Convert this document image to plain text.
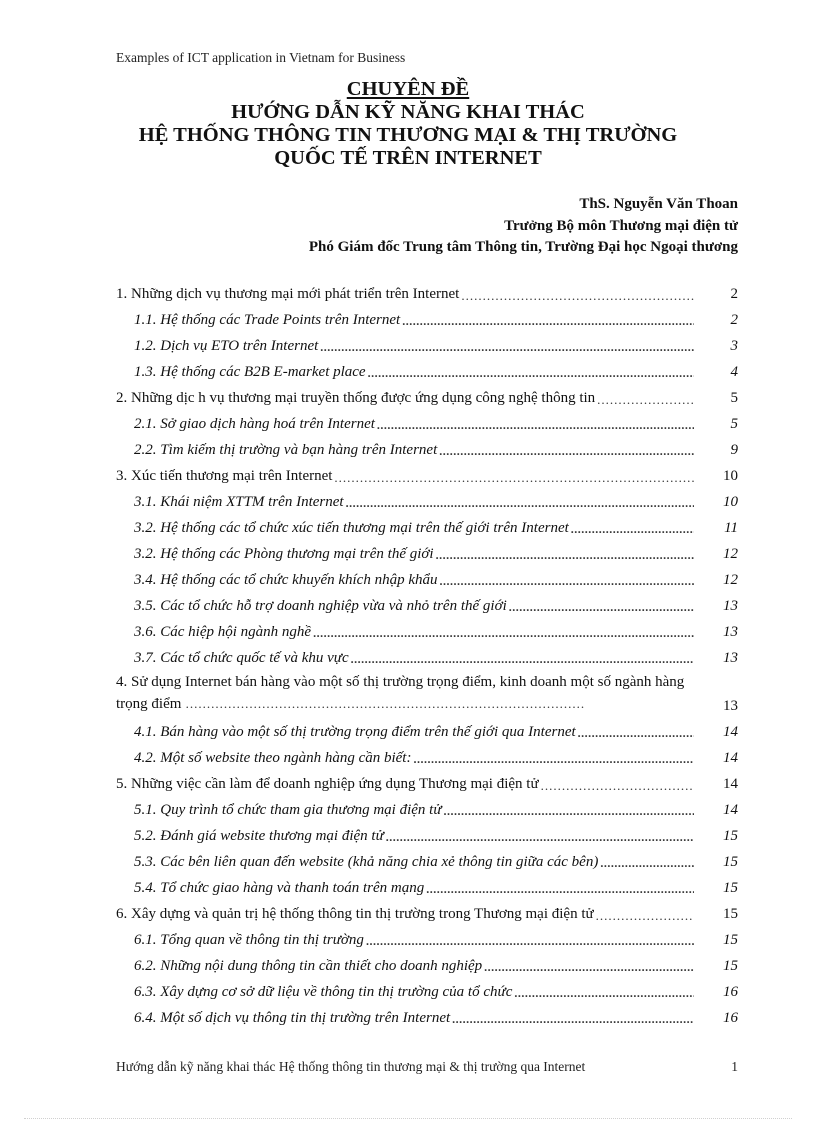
Examples of ICT application in Vietnam for Business
CHUYÊN ĐỀ
HƯỚNG DẪN KỸ NĂNG KHAI THÁC
HỆ THỐNG THÔNG TIN THƯƠNG MẠI & THỊ TRƯỜNG
QUỐC TẾ TRÊN INTERNET
ThS. Nguyễn Văn Thoan
Trưởng Bộ môn Thương mại điện tử
Phó Giám đốc Trung tâm Thông tin, Trường Đại học Ngoại thương
1. Những dịch vụ thương mại mới phát triển trên Internet .....	2
1.1. Hệ thống các Trade Points trên Internet .....	2
1.2. Dịch vụ ETO trên Internet .....	3
1.3. Hệ thống các B2B E-market place .....	4
2. Những dịc h vụ thương mại truyền thống được ứng dụng công nghệ thông tin .....	5
2.1. Sở giao dịch hàng hoá trên Internet .....	5
2.2. Tìm kiếm thị trường và bạn hàng trên Internet .....	9
3. Xúc tiến thương mại trên Internet .....	10
3.1. Khái niệm XTTM trên Internet .....	10
3.2. Hệ thống các tổ chức xúc tiến thương mại trên thế giới trên Internet .....	11
3.2. Hệ thống các Phòng thương mại trên thế giới .....	12
3.4. Hệ thống các tổ chức khuyến khích nhập khẩu .....	12
3.5. Các tổ chức hỗ trợ doanh nghiệp vừa và nhỏ trên thế giới .....	13
3.6. Các hiệp hội ngành nghề .....	13
3.7. Các tổ chức quốc tế và khu vực .....	13
4. Sử dụng Internet bán hàng vào một số thị trường trọng điểm, kinh doanh một số ngành hàng trọng điểm ..............................................................................................	13
4.1. Bán hàng vào một số thị trường trọng điểm trên thế giới qua Internet .....	14
4.2. Một số website theo ngành hàng cần biết: .....	14
5. Những việc cần làm để doanh nghiệp ứng dụng Thương mại điện tử .....	14
5.1. Quy trình tổ chức tham gia thương mại điện tử .....	14
5.2. Đánh giá website thương mại điện tử .....	15
5.3. Các bên liên quan đến website (khả năng chia xẻ thông tin giữa các bên) .....	15
5.4. Tổ chức giao hàng và thanh toán trên mạng .....	15
6. Xây dựng và quản trị hệ thống thông tin thị trường trong Thương mại điện tử .....	15
6.1. Tổng quan về thông tin thị trường .....	15
6.2. Những nội dung thông tin cần thiết cho doanh nghiệp .....	15
6.3. Xây dựng cơ sở dữ liệu về thông tin thị trường của tổ chức .....	16
6.4. Một số dịch vụ thông tin thị trường trên Internet .....	16
Hướng dẫn kỹ năng khai thác Hệ thống thông tin thương mại & thị trường qua Internet	1
